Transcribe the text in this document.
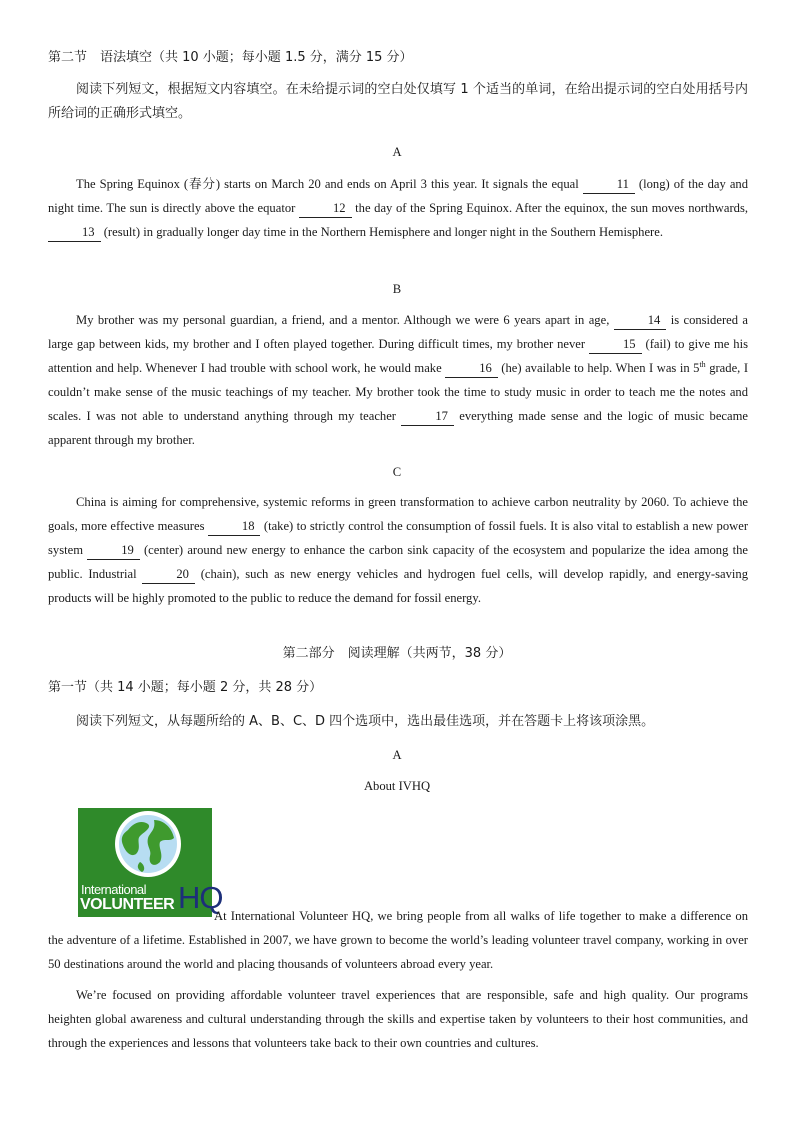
第二节　语法填空（共 10 小题；每小题 1.5 分，满分 15 分）
阅读下列短文，根据短文内容填空。在未给提示词的空白处仅填写 1 个适当的单词，在给出提示词的空白处用括号内所给词的正确形式填空。
A
The Spring Equinox (春分) starts on March 20 and ends on April 3 this year. It signals the equal	11 (long) of the day and night time. The sun is directly above the equator	12 the day of the Spring Equinox. After the equinox, the sun moves northwards, 13 (result) in gradually longer day time in the Northern Hemisphere and longer night in the Southern Hemisphere.
B
My brother was my personal guardian, a friend, and a mentor. Although we were 6 years apart in age,	14 is considered a large gap between kids, my brother and I often played together. During difficult times, my brother never	15 (fail) to give me his attention and help. Whenever I had trouble with school work, he would make	16 (he) available to help. When I was in 5th grade, I couldn’t make sense of the music teachings of my teacher. My brother took the time to study music in order to teach me the notes and scales. I was not able to understand anything through my teacher	17 everything made sense and the logic of music became apparent through my brother.
C
China is aiming for comprehensive, systemic reforms in green transformation to achieve carbon neutrality by 2060. To achieve the goals, more effective measures	18 (take) to strictly control the consumption of fossil fuels. It is also vital to establish a new power system	19 (center) around new energy to enhance the carbon sink capacity of the ecosystem and popularize the idea among the public. Industrial	20 (chain), such as new energy vehicles and hydrogen fuel cells, will develop rapidly, and energy-saving products will be highly promoted to the public to reduce the demand for fossil energy.
第二部分　阅读理解（共两节，38 分）
第一节（共 14 小题；每小题 2 分，共 28 分）
阅读下列短文，从每题所给的 A、B、C、D 四个选项中，选出最佳选项，并在答题卡上将该项涂黑。
A
About IVHQ
International
VOLUNTEER HQ
At International Volunteer HQ, we bring people from all walks of life together to make a difference on the adventure of a lifetime. Established in 2007, we have grown to become the world’s leading volunteer travel company, working in over 50 destinations around the world and placing thousands of volunteers abroad every year.
We’re focused on providing affordable volunteer travel experiences that are responsible, safe and high quality. Our programs heighten global awareness and cultural understanding through the skills and expertise taken by volunteers to their host communities, and through the experiences and lessons that volunteers take back to their own countries and cultures.
